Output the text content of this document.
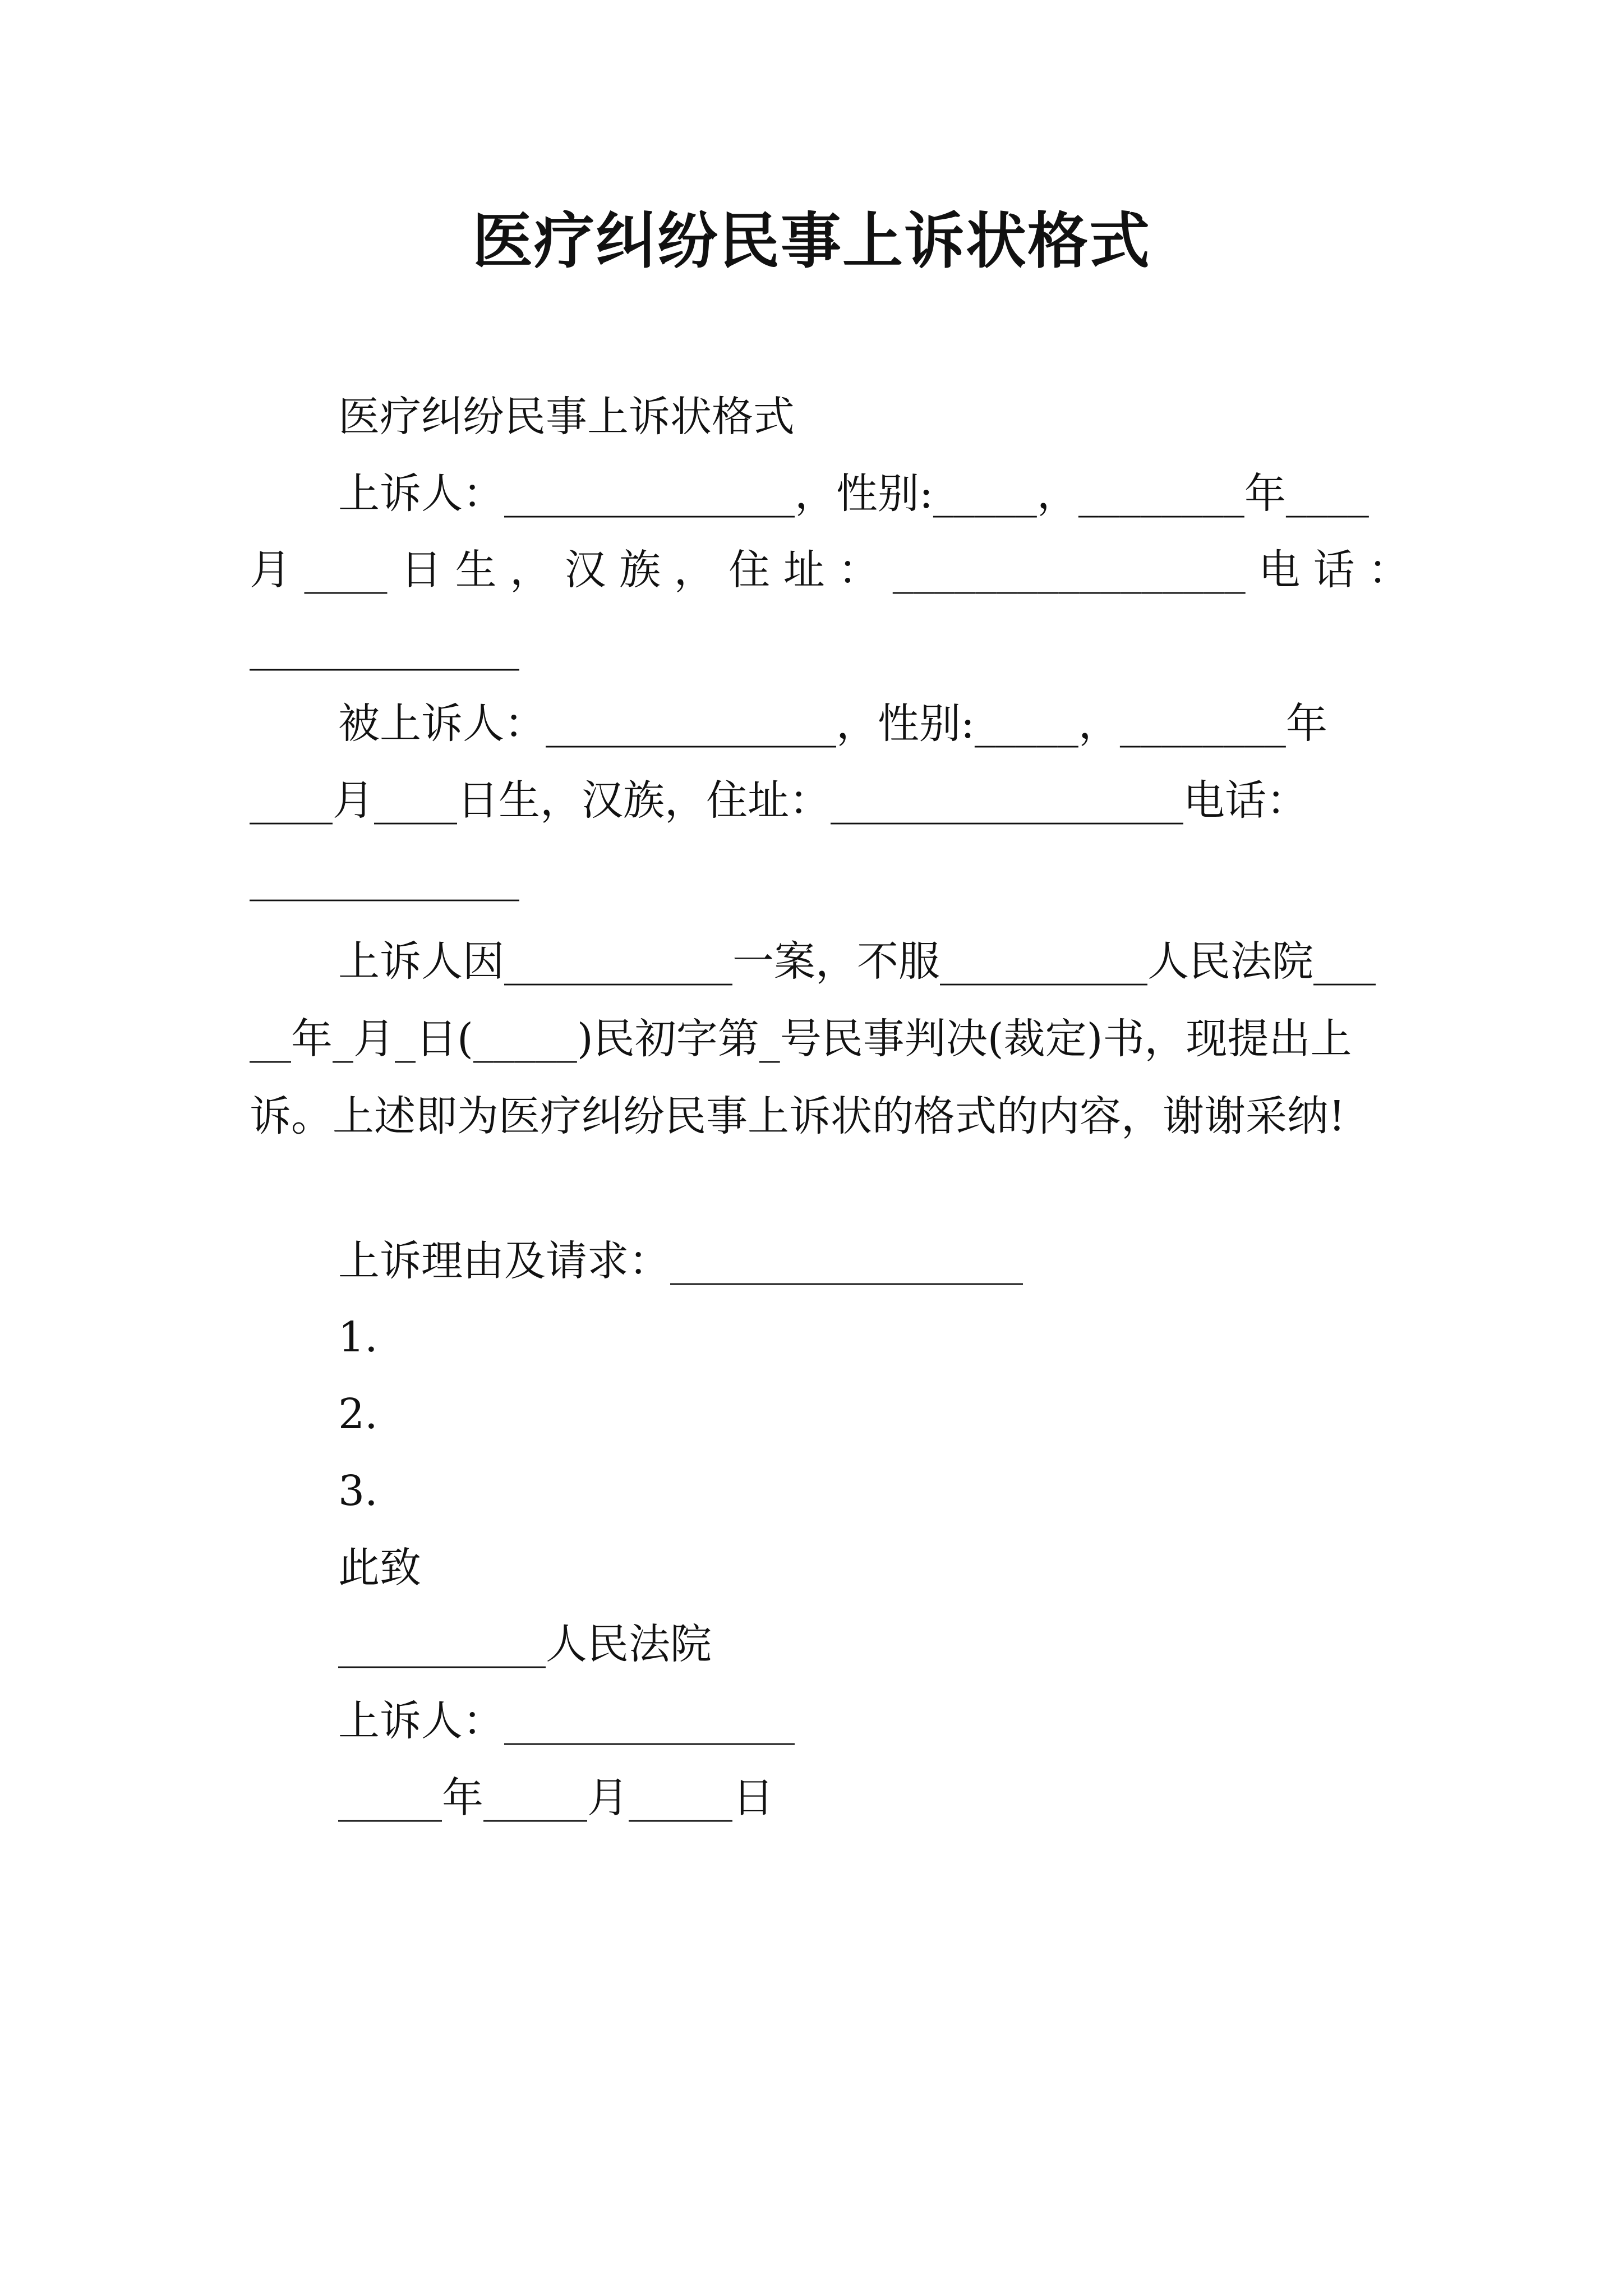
医疗纠纷民事上诉状格式
医疗纠纷民事上诉状格式
上诉人：______________，性别:_____，________年____
月 ____ 日 生 ， 汉 族 ， 住 址 ： _________________ 电 话 ：
_____________
被上诉人：______________，性别:_____，________年
____月____日生，汉族，住址：_________________电话：
_____________
上诉人因___________一案，不服__________人民法院_____年_月_日(_____)民初字第_号民事判决(裁定)书，现提出上诉。上述即为医疗纠纷民事上诉状的格式的内容，谢谢采纳!
上诉理由及请求：_________________
1.
2.
3.
此致
__________人民法院
上诉人：______________
_____年_____月_____日
